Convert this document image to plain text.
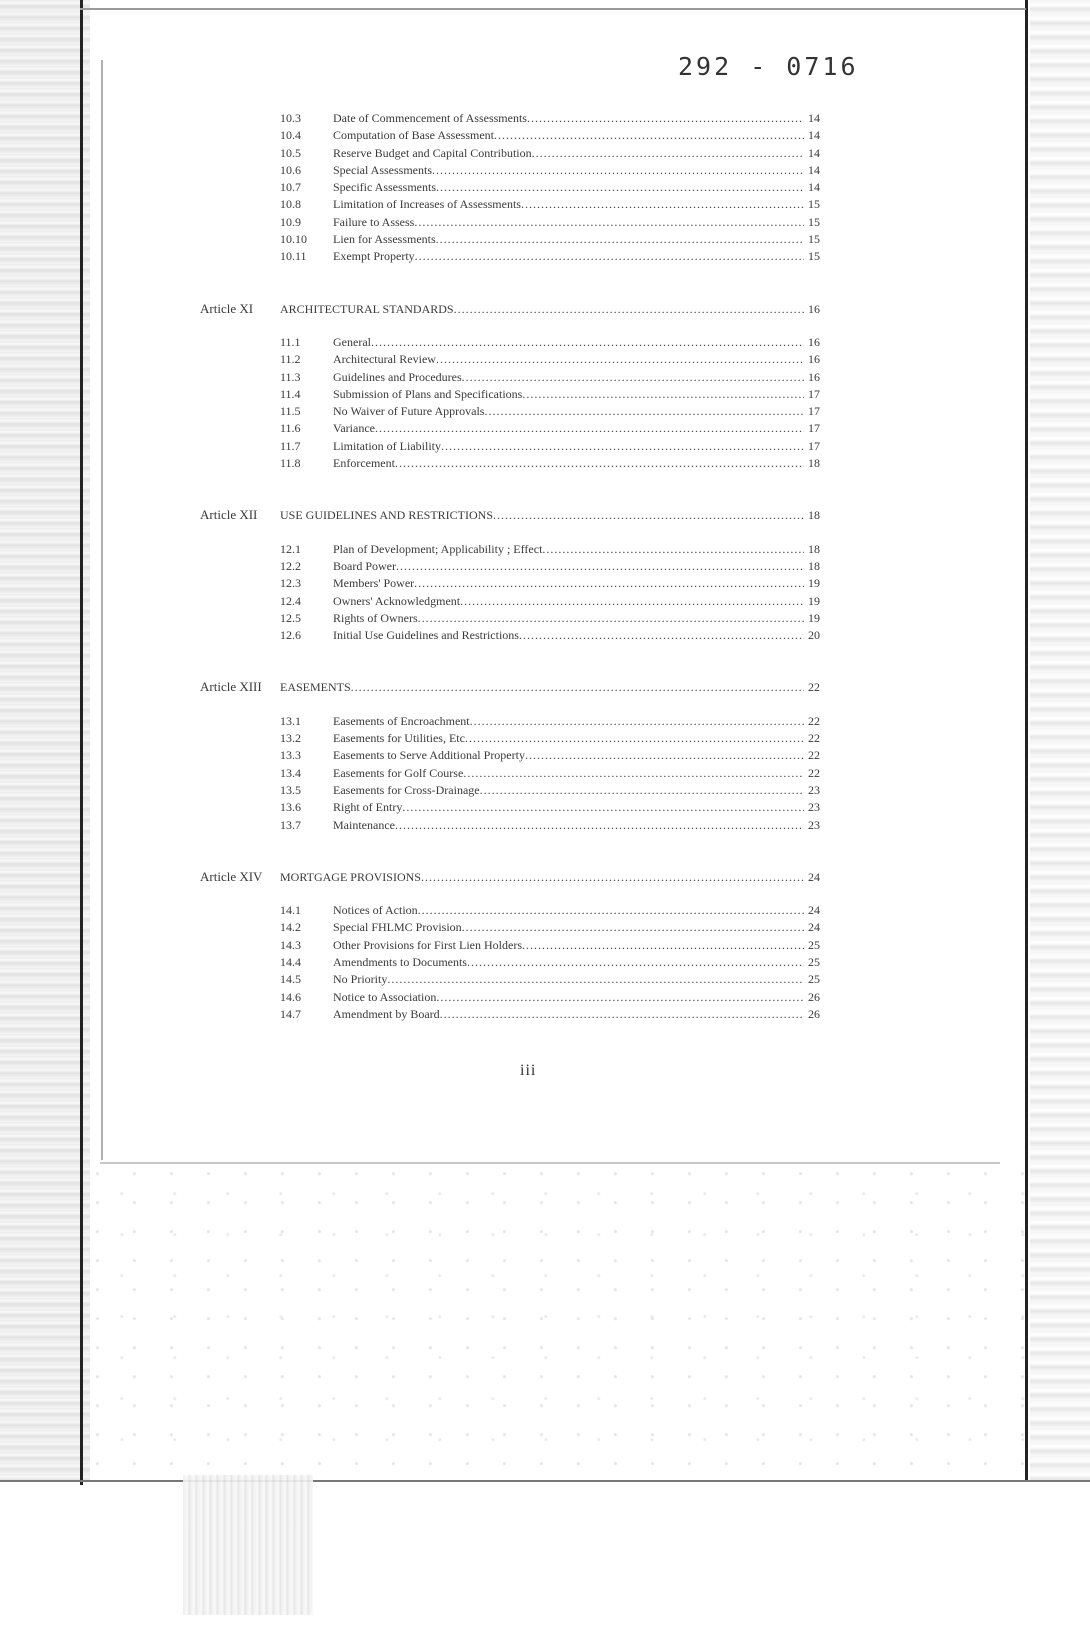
292 - 0716
10.3	Date of Commencement of Assessments .....	14
10.4	Computation of Base Assessment .....	14
10.5	Reserve Budget and Capital Contribution .....	14
10.6	Special Assessments .....	14
10.7	Specific Assessments .....	14
10.8	Limitation of Increases of Assessments .....	15
10.9	Failure to Assess .....	15
10.10	Lien for Assessments .....	15
10.11	Exempt Property .....	15
Article XI	ARCHITECTURAL STANDARDS .....	16
11.1	General .....	16
11.2	Architectural Review .....	16
11.3	Guidelines and Procedures .....	16
11.4	Submission of Plans and Specifications .....	17
11.5	No Waiver of Future Approvals .....	17
11.6	Variance .....	17
11.7	Limitation of Liability .....	17
11.8	Enforcement .....	18
Article XII	USE GUIDELINES AND RESTRICTIONS .....	18
12.1	Plan of Development; Applicability ; Effect .....	18
12.2	Board Power .....	18
12.3	Members' Power .....	19
12.4	Owners' Acknowledgment .....	19
12.5	Rights of Owners .....	19
12.6	Initial Use Guidelines and Restrictions .....	20
Article XIII	EASEMENTS .....	22
13.1	Easements of Encroachment .....	22
13.2	Easements for Utilities, Etc .....	22
13.3	Easements to Serve Additional Property .....	22
13.4	Easements for Golf Course .....	22
13.5	Easements for Cross-Drainage .....	23
13.6	Right of Entry .....	23
13.7	Maintenance .....	23
Article XIV	MORTGAGE PROVISIONS .....	24
14.1	Notices of Action .....	24
14.2	Special FHLMC Provision .....	24
14.3	Other Provisions for First Lien Holders .....	25
14.4	Amendments to Documents .....	25
14.5	No Priority .....	25
14.6	Notice to Association .....	26
14.7	Amendment by Board .....	26
iii
